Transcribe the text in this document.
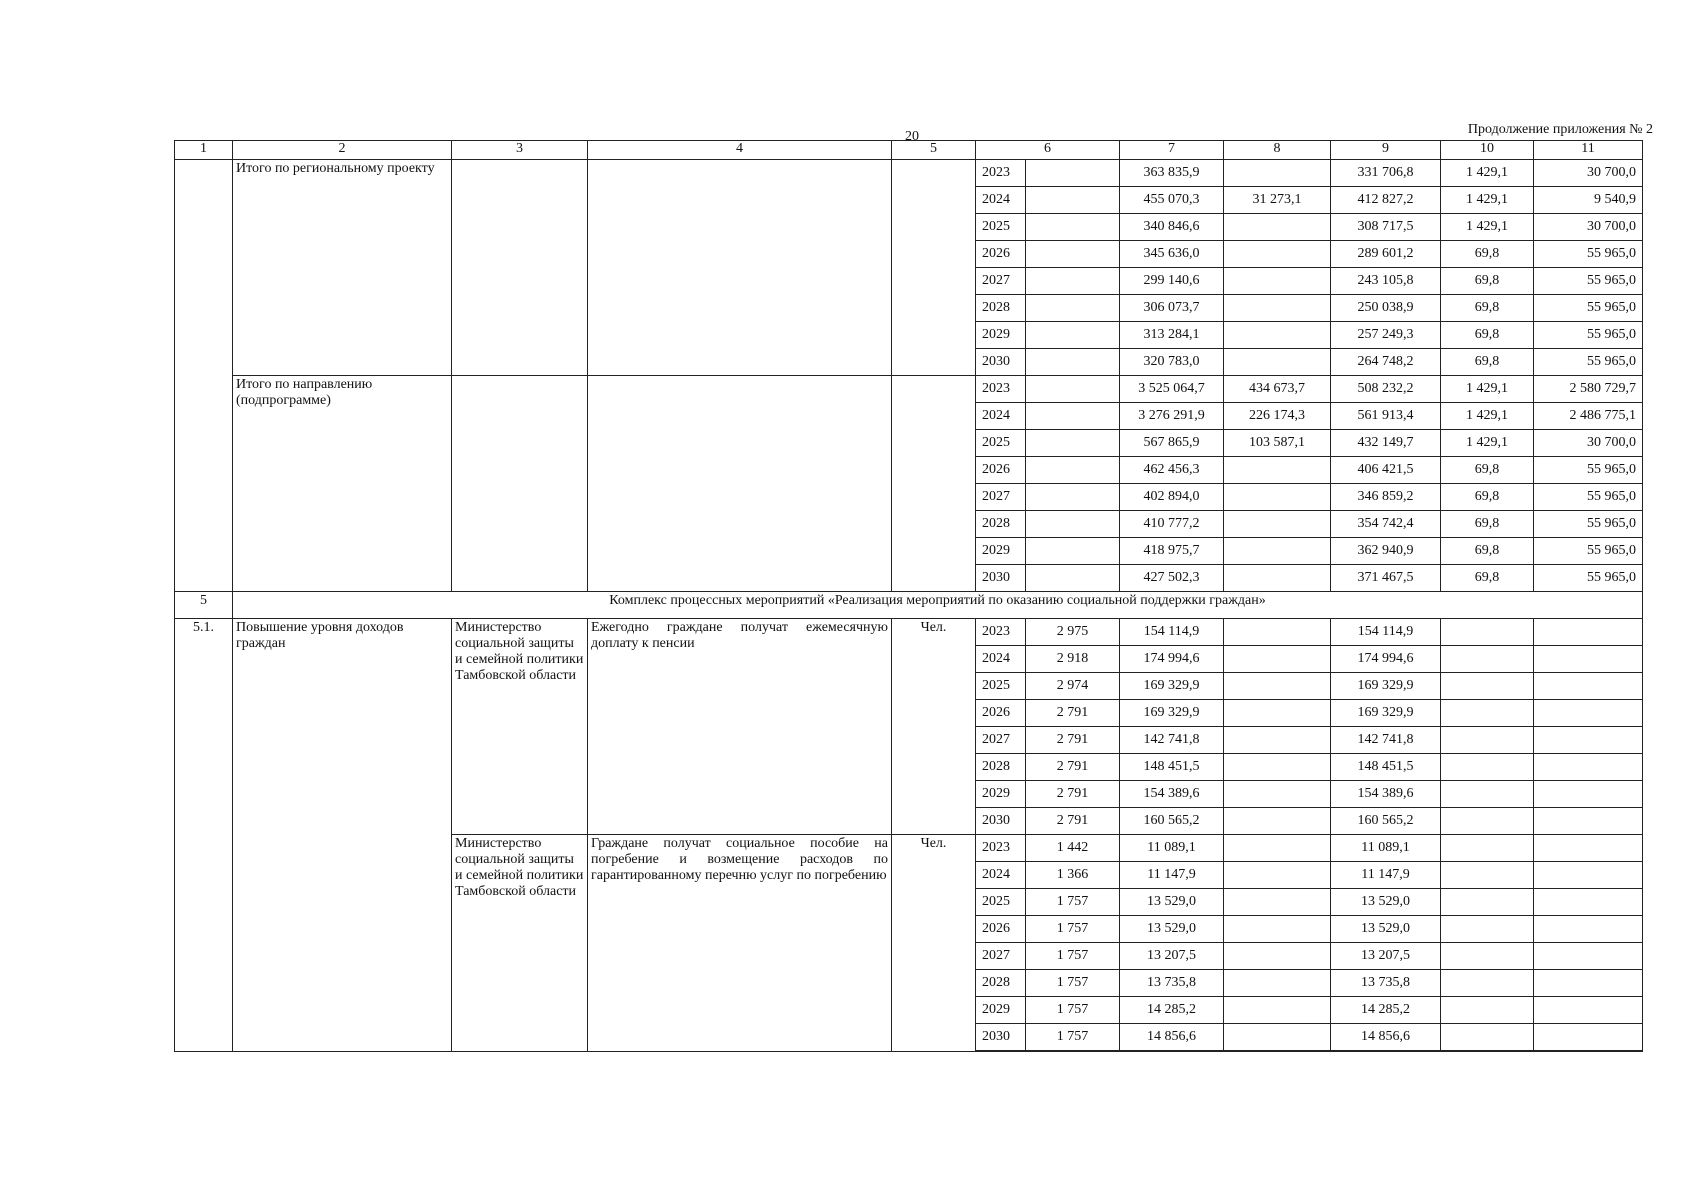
20	Продолжение приложения № 2
1	2	3	4	5	6		7	8	9	10	11
	Итого по региональному проекту				2023		363 835,9		331 706,8	1 429,1	30 700,0
					2024		455 070,3	31 273,1	412 827,2	1 429,1	9 540,9
					2025		340 846,6		308 717,5	1 429,1	30 700,0
					2026		345 636,0		289 601,2	69,8	55 965,0
					2027		299 140,6		243 105,8	69,8	55 965,0
					2028		306 073,7		250 038,9	69,8	55 965,0
					2029		313 284,1		257 249,3	69,8	55 965,0
					2030		320 783,0		264 748,2	69,8	55 965,0
	Итого по направлению (подпрограмме)				2023		3 525 064,7	434 673,7	508 232,2	1 429,1	2 580 729,7
					2024		3 276 291,9	226 174,3	561 913,4	1 429,1	2 486 775,1
					2025		567 865,9	103 587,1	432 149,7	1 429,1	30 700,0
					2026		462 456,3		406 421,5	69,8	55 965,0
					2027		402 894,0		346 859,2	69,8	55 965,0
					2028		410 777,2		354 742,4	69,8	55 965,0
					2029		418 975,7		362 940,9	69,8	55 965,0
					2030		427 502,3		371 467,5	69,8	55 965,0
5	Комплекс процессных мероприятий «Реализация мероприятий по оказанию социальной поддержки граждан»										
5.1.	Повышение уровня доходов граждан	Министерство социальной защиты и семейной политики Тамбовской области	Ежегодно граждане получат ежемесячную доплату к пенсии	Чел.	2023	2 975	154 114,9		154 114,9		
					2024	2 918	174 994,6		174 994,6		
					2025	2 974	169 329,9		169 329,9		
					2026	2 791	169 329,9		169 329,9		
					2027	2 791	142 741,8		142 741,8		
					2028	2 791	148 451,5		148 451,5		
					2029	2 791	154 389,6		154 389,6		
					2030	2 791	160 565,2		160 565,2		
		Министерство социальной защиты и семейной политики Тамбовской области	Граждане получат социальное пособие на погребение и возмещение расходов по гарантированному перечню услуг по погребению	Чел.	2023	1 442	11 089,1		11 089,1		
					2024	1 366	11 147,9		11 147,9		
					2025	1 757	13 529,0		13 529,0		
					2026	1 757	13 529,0		13 529,0		
					2027	1 757	13 207,5		13 207,5		
					2028	1 757	13 735,8		13 735,8		
					2029	1 757	14 285,2		14 285,2		
					2030	1 757	14 856,6		14 856,6		
